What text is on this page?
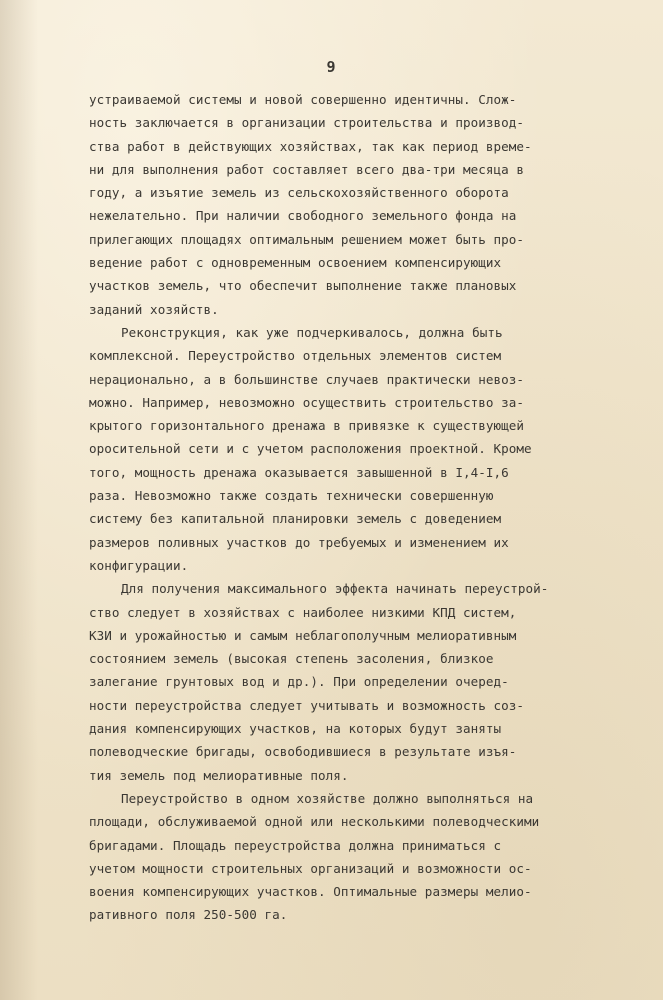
9
устраиваемой системы и новой совершенно идентичны. Слож-
ность заключается в организации строительства и производ-
ства работ в действующих хозяйствах, так как период време-
ни для выполнения работ составляет всего два-три месяца в
году, а изъятие земель из сельскохозяйственного оборота
нежелательно. При наличии свободного земельного фонда на
прилегающих площадях оптимальным решением может быть про-
ведение работ с одновременным освоением компенсирующих
участков земель, что обеспечит выполнение также плановых
заданий хозяйств.
Реконструкция, как уже подчеркивалось, должна быть
комплексной. Переустройство отдельных элементов систем
нерационально, а в большинстве случаев практически невоз-
можно. Например, невозможно осуществить строительство за-
крытого горизонтального дренажа в привязке к существующей
оросительной сети и с учетом расположения проектной. Кроме
того, мощность дренажа оказывается завышенной в I,4-I,6
раза. Невозможно также создать технически совершенную
систему без капитальной планировки земель с доведением
размеров поливных участков до требуемых и изменением их
конфигурации.
Для получения максимального эффекта начинать переустрой-
ство следует в хозяйствах с наиболее низкими КПД систем,
КЗИ и урожайностью и самым неблагополучным мелиоративным
состоянием земель (высокая степень засоления, близкое
залегание грунтовых вод и др.). При определении очеред-
ности переустройства следует учитывать и возможность соз-
дания компенсирующих участков, на которых будут заняты
полеводческие бригады, освободившиеся в результате изъя-
тия земель под мелиоративные поля.
Переустройство в одном хозяйстве должно выполняться на
площади, обслуживаемой одной или несколькими полеводческими
бригадами. Площадь переустройства должна приниматься с
учетом мощности строительных организаций и возможности ос-
воения компенсирующих участков. Оптимальные размеры мелио-
ративного поля 250-500 га.
